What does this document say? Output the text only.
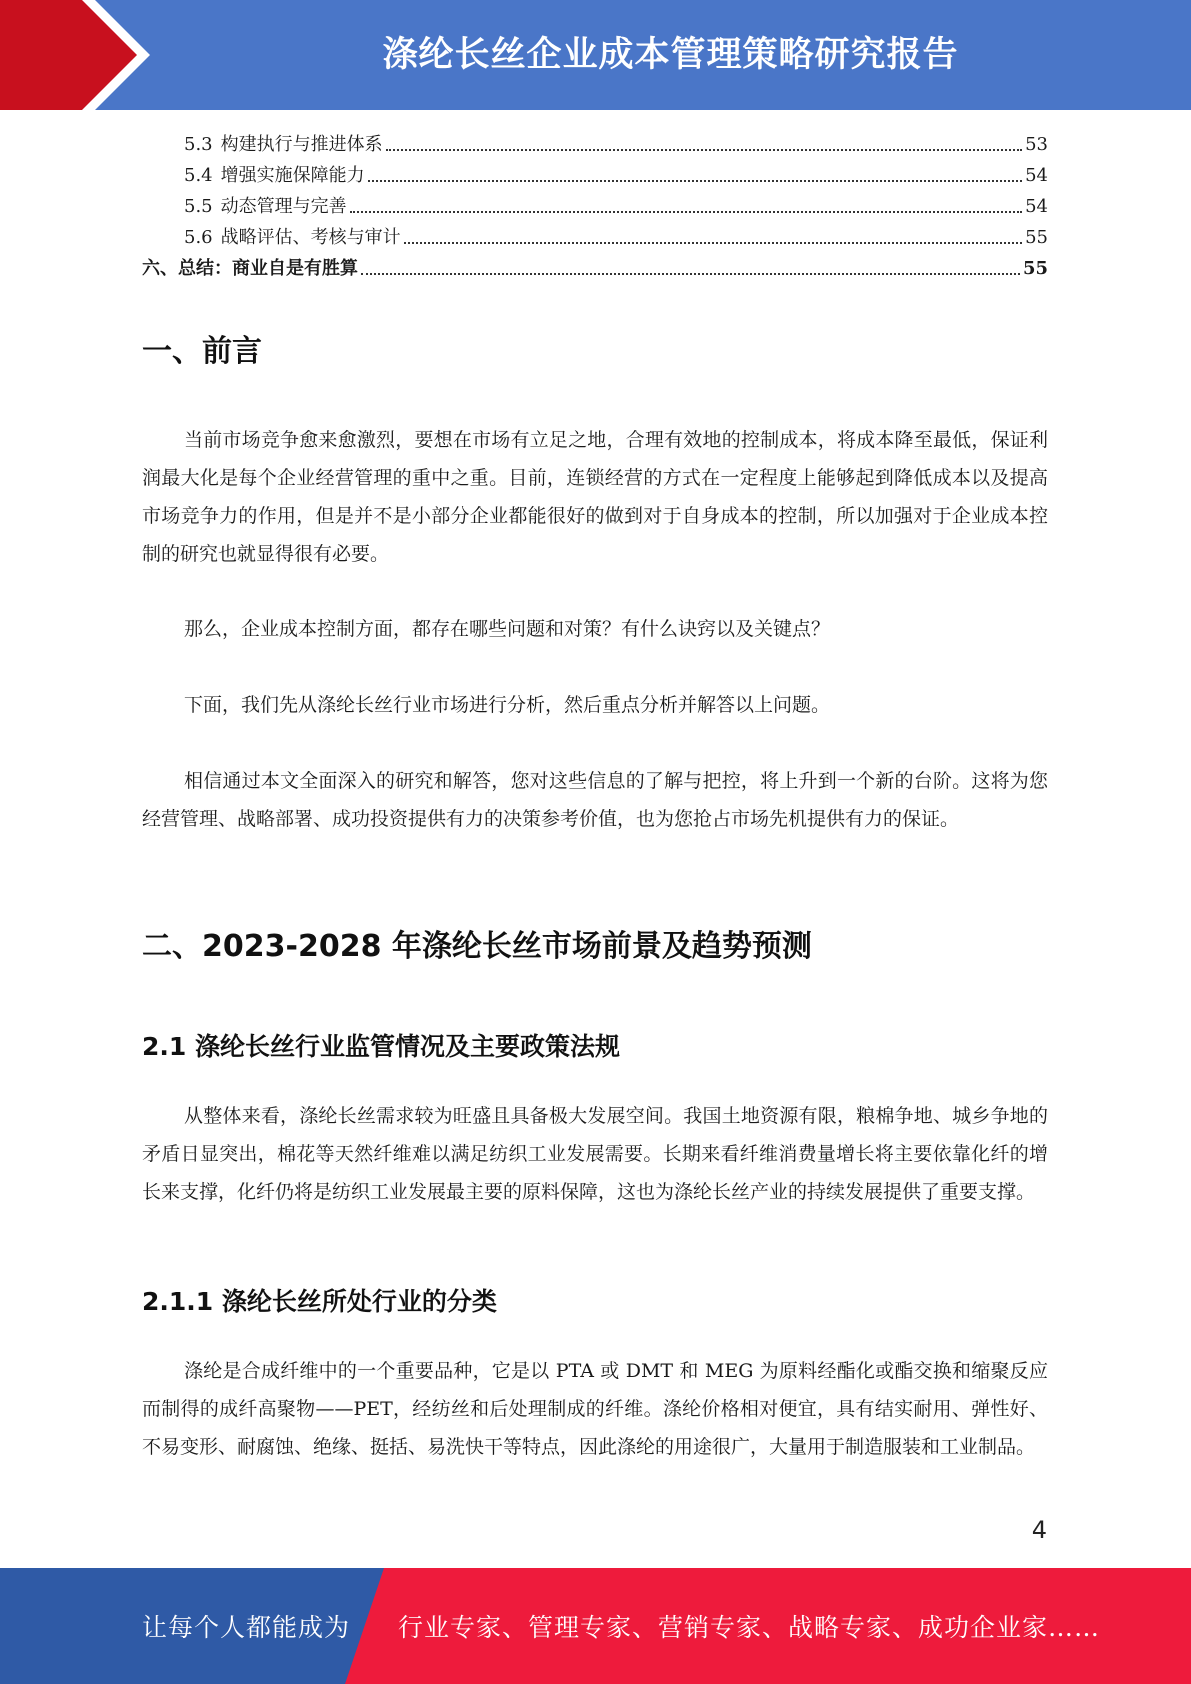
涤纶长丝企业成本管理策略研究报告
5.3 构建执行与推进体系	53
5.4 增强实施保障能力	54
5.5 动态管理与完善	54
5.6 战略评估、考核与审计	55
六、总结：商业自是有胜算	55
一、前言

当前市场竞争愈来愈激烈，要想在市场有立足之地，合理有效地的控制成本，将成本降至最低，保证利润最大化是每个企业经营管理的重中之重。目前，连锁经营的方式在一定程度上能够起到降低成本以及提高市场竞争力的作用，但是并不是小部分企业都能很好的做到对于自身成本的控制，所以加强对于企业成本控制的研究也就显得很有必要。

那么，企业成本控制方面，都存在哪些问题和对策？有什么诀窍以及关键点？

下面，我们先从涤纶长丝行业市场进行分析，然后重点分析并解答以上问题。

相信通过本文全面深入的研究和解答，您对这些信息的了解与把控，将上升到一个新的台阶。这将为您经营管理、战略部署、成功投资提供有力的决策参考价值，也为您抢占市场先机提供有力的保证。

二、2023-2028 年涤纶长丝市场前景及趋势预测
2.1 涤纶长丝行业监管情况及主要政策法规

从整体来看，涤纶长丝需求较为旺盛且具备极大发展空间。我国土地资源有限，粮棉争地、城乡争地的矛盾日显突出，棉花等天然纤维难以满足纺织工业发展需要。长期来看纤维消费量增长将主要依靠化纤的增长来支撑，化纤仍将是纺织工业发展最主要的原料保障，这也为涤纶长丝产业的持续发展提供了重要支撑。

2.1.1 涤纶长丝所处行业的分类

涤纶是合成纤维中的一个重要品种，它是以 PTA 或 DMT 和 MEG 为原料经酯化或酯交换和缩聚反应而制得的成纤高聚物——PET，经纺丝和后处理制成的纤维。涤纶价格相对便宜，具有结实耐用、弹性好、不易变形、耐腐蚀、绝缘、挺括、易洗快干等特点，因此涤纶的用途很广，大量用于制造服装和工业制品。

4
让每个人都能成为 行业专家、管理专家、营销专家、战略专家、成功企业家……
